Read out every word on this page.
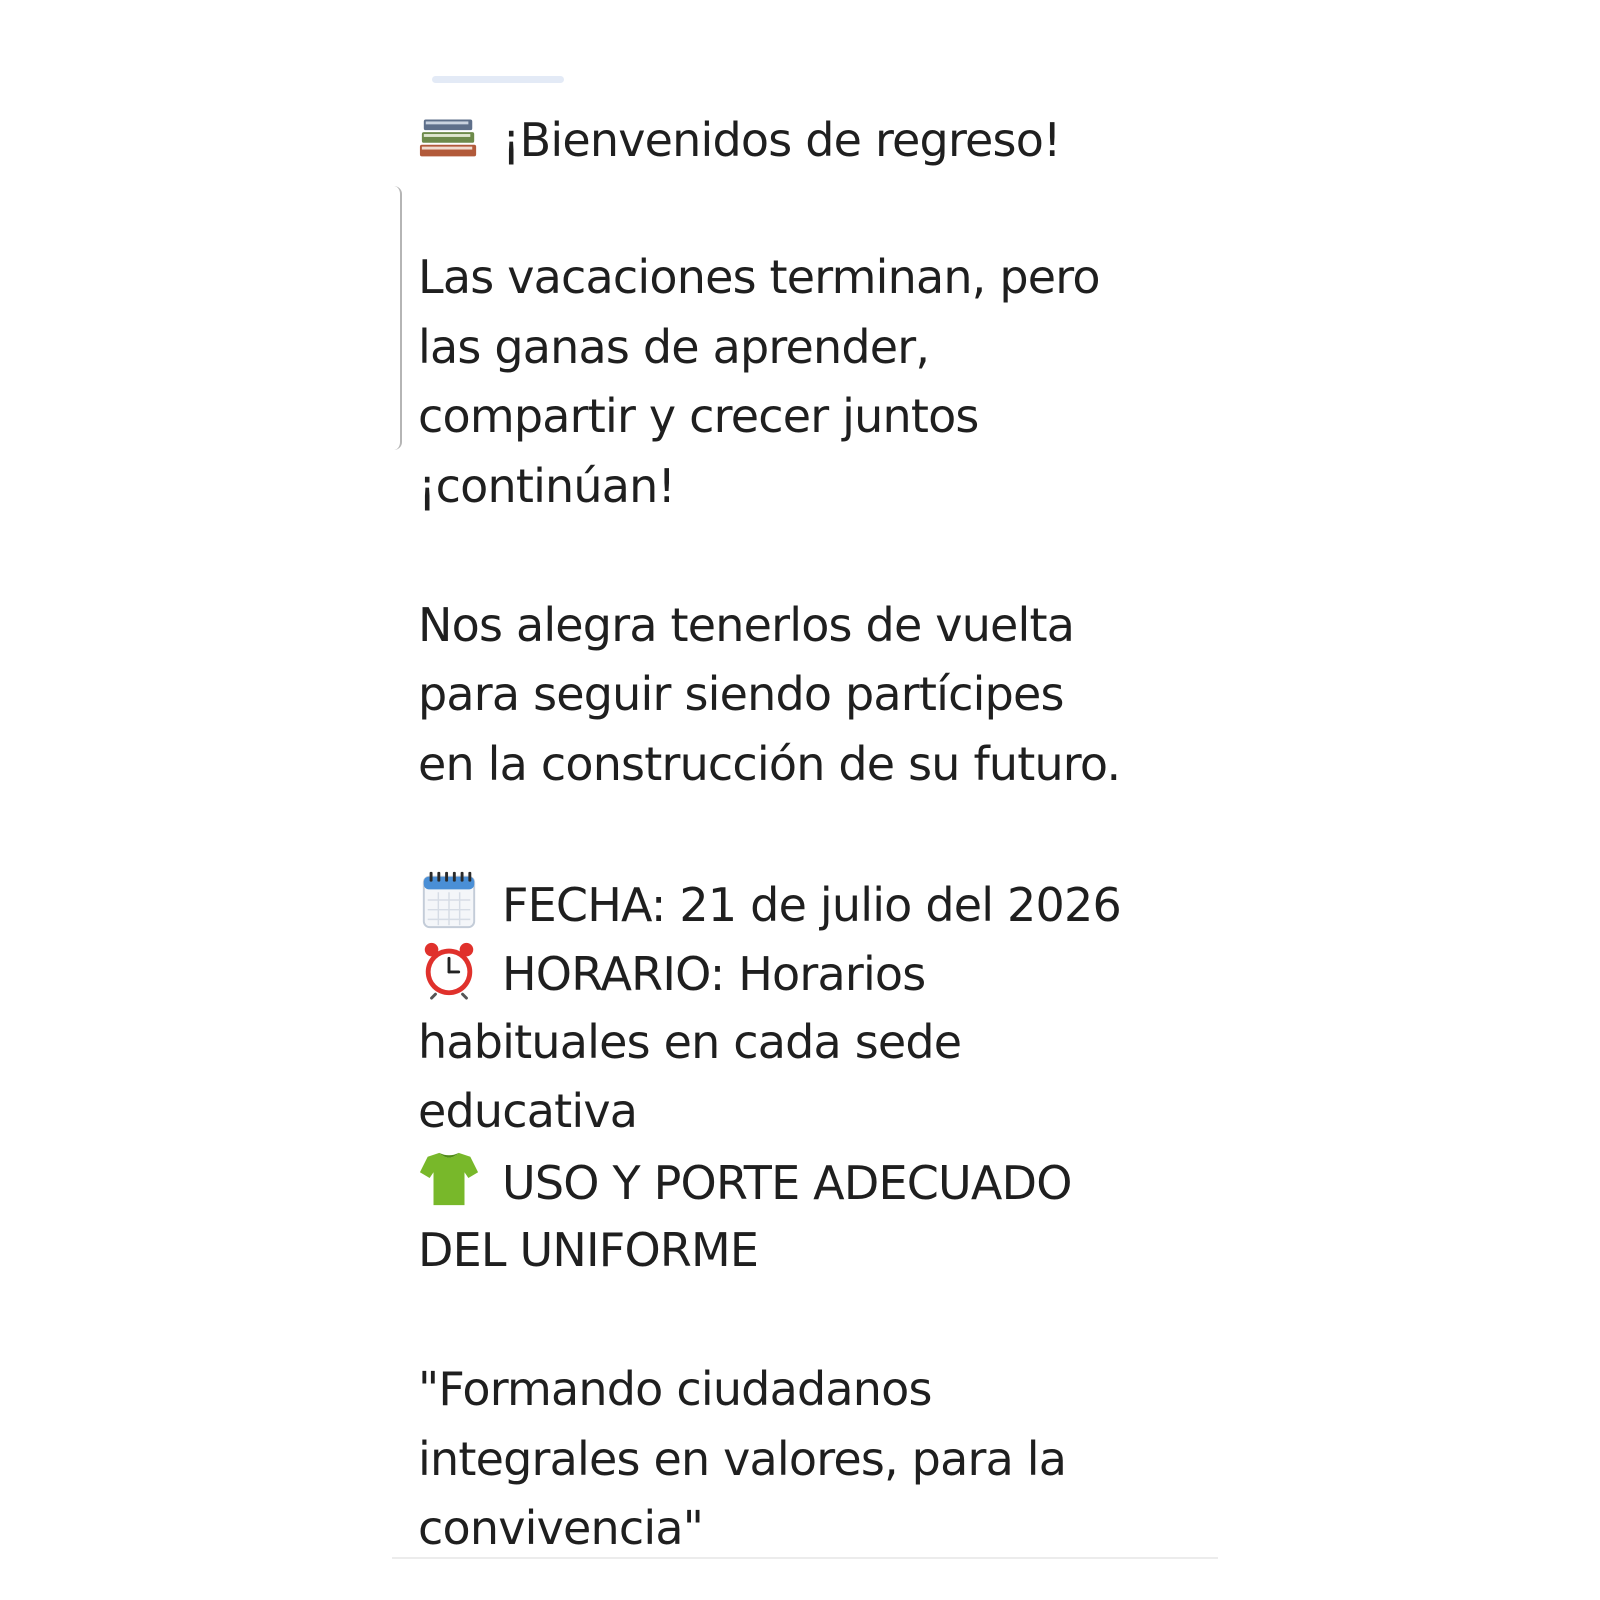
¡Bienvenidos de regreso!
Las vacaciones terminan, pero
las ganas de aprender,
compartir y crecer juntos
¡continúan!
Nos alegra tenerlos de vuelta
para seguir siendo partícipes
en la construcción de su futuro.
FECHA: 21 de julio del 2026
HORARIO: Horarios
habituales en cada sede
educativa
USO Y PORTE ADECUADO
DEL UNIFORME
"Formando ciudadanos
integrales en valores, para la
convivencia"
